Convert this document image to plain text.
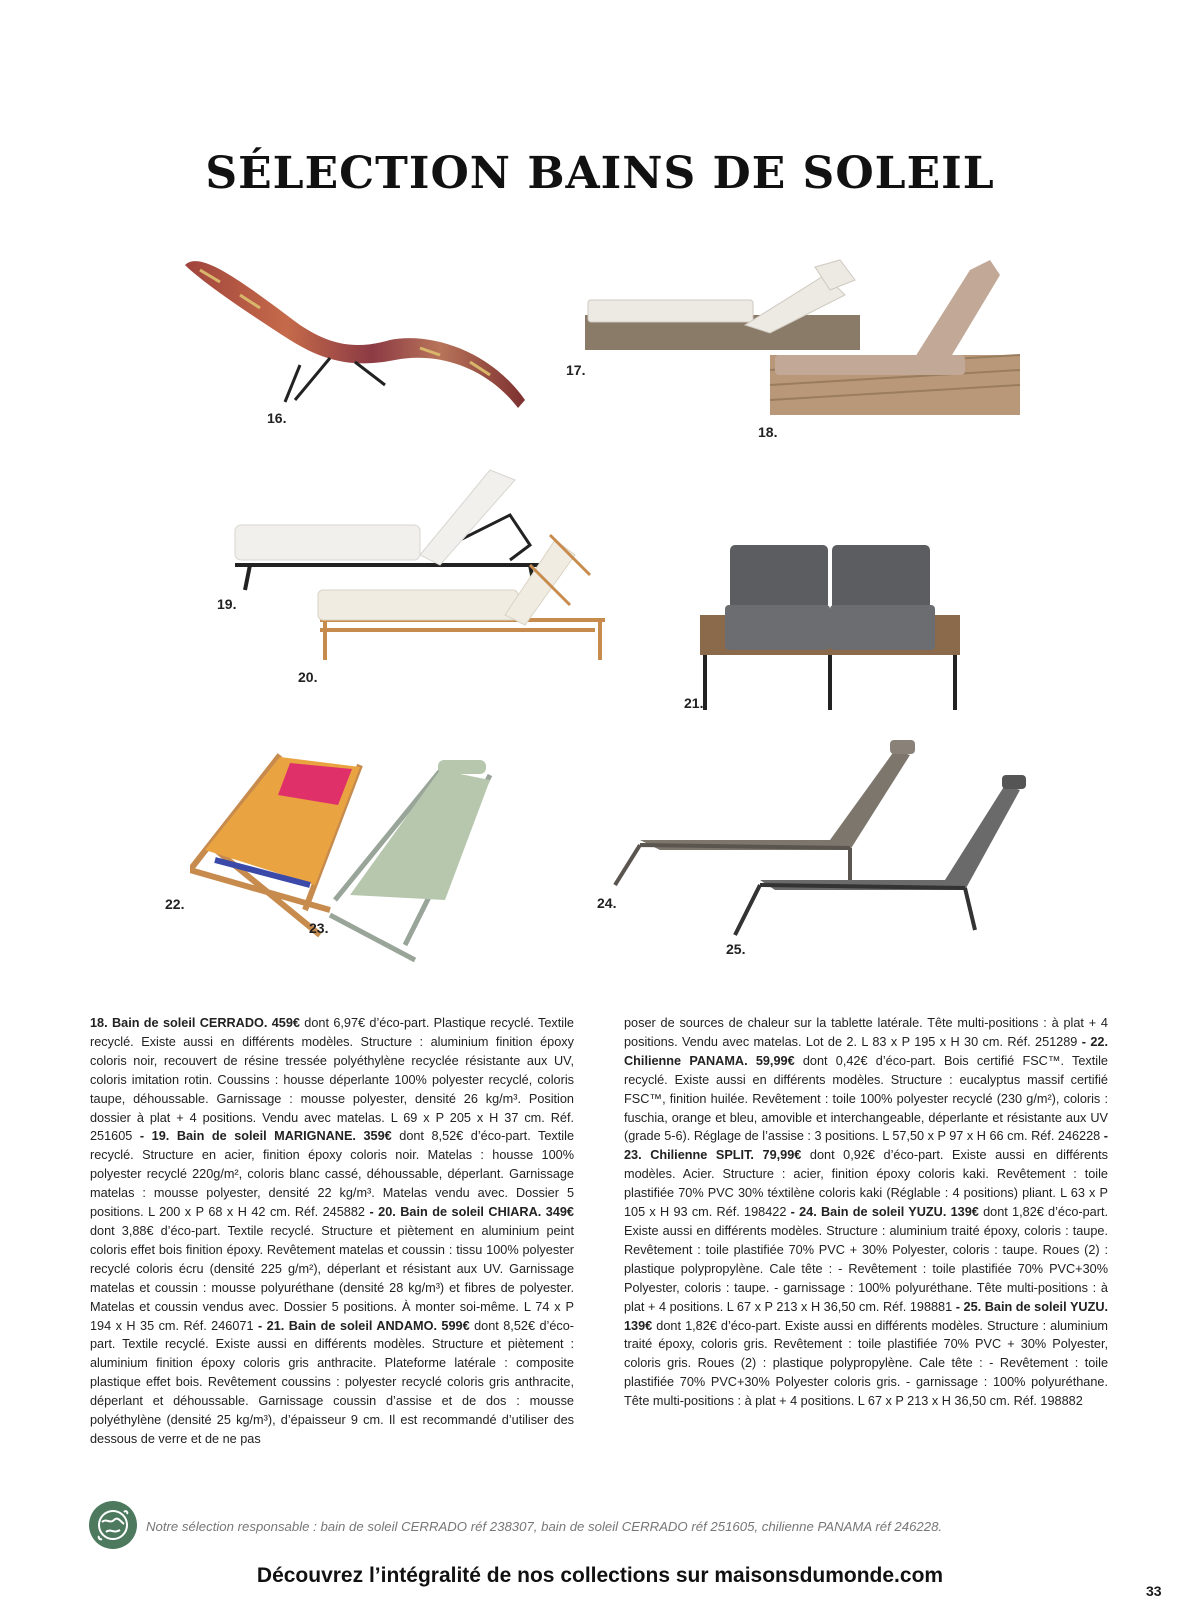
SÉLECTION BAINS DE SOLEIL
16.
17.
18.
19.
20.
21.
22.
23.
24.
25.
18. Bain de soleil CERRADO. 459€ dont 6,97€ d’éco-part. Plastique recyclé. Textile recyclé. Existe aussi en différents modèles. Structure : aluminium finition époxy coloris noir, recouvert de résine tressée polyéthylène recyclée résistante aux UV, coloris imitation rotin. Coussins : housse déperlante 100% polyester recyclé, coloris taupe, déhoussable. Garnissage : mousse polyester, densité 26 kg/m³. Position dossier à plat + 4 positions. Vendu avec matelas. L 69 x P 205 x H 37 cm. Réf. 251605 - 19. Bain de soleil MARIGNANE. 359€ dont 8,52€ d’éco-part. Textile recyclé. Structure en acier, finition époxy coloris noir. Matelas : housse 100% polyester recyclé 220g/m², coloris blanc cassé, déhoussable, déperlant. Garnissage matelas : mousse polyester, densité 22 kg/m³. Matelas vendu avec. Dossier 5 positions. L 200 x P 68 x H 42 cm. Réf. 245882 - 20. Bain de soleil CHIARA. 349€ dont 3,88€ d’éco-part. Textile recyclé. Structure et piètement en aluminium peint coloris effet bois finition époxy. Revêtement matelas et coussin : tissu 100% polyester recyclé coloris écru (densité 225 g/m²), déperlant et résistant aux UV. Garnissage matelas et coussin : mousse polyuréthane (densité 28 kg/m³) et fibres de polyester. Matelas et coussin vendus avec. Dossier 5 positions. À monter soi-même. L 74 x P 194 x H 35 cm. Réf. 246071 - 21. Bain de soleil ANDAMO. 599€ dont 8,52€ d’éco-part. Textile recyclé. Existe aussi en différents modèles. Structure et piètement : aluminium finition époxy coloris gris anthracite. Plateforme latérale : composite plastique effet bois. Revêtement coussins : polyester recyclé coloris gris anthracite, déperlant et déhoussable. Garnissage coussin d’assise et de dos : mousse polyéthylène (densité 25 kg/m³), d’épaisseur 9 cm. Il est recommandé d’utiliser des dessous de verre et de ne pas
poser de sources de chaleur sur la tablette latérale. Tête multi-positions : à plat + 4 positions. Vendu avec matelas. Lot de 2. L 83 x P 195 x H 30 cm. Réf. 251289 - 22. Chilienne PANAMA. 59,99€ dont 0,42€ d’éco-part. Bois certifié FSC™. Textile recyclé. Existe aussi en différents modèles. Structure : eucalyptus massif certifié FSC™, finition huilée. Revêtement : toile 100% polyester recyclé (230 g/m²), coloris : fuschia, orange et bleu, amovible et interchangeable, déperlante et résistante aux UV (grade 5-6). Réglage de l’assise : 3 positions. L 57,50 x P 97 x H 66 cm. Réf. 246228 - 23. Chilienne SPLIT. 79,99€ dont 0,92€ d’éco-part. Existe aussi en différents modèles. Acier. Structure : acier, finition époxy coloris kaki. Revêtement : toile plastifiée 70% PVC 30% téxtilène coloris kaki (Réglable : 4 positions) pliant. L 63 x P 105 x H 93 cm. Réf. 198422 - 24. Bain de soleil YUZU. 139€ dont 1,82€ d’éco-part. Existe aussi en différents modèles. Structure : aluminium traité époxy, coloris : taupe. Revêtement : toile plastifiée 70% PVC + 30% Polyester, coloris : taupe. Roues (2) : plastique polypropylène. Cale tête : - Revêtement : toile plastifiée 70% PVC+30% Polyester, coloris : taupe. - garnissage : 100% polyuréthane. Tête multi-positions : à plat + 4 positions. L 67 x P 213 x H 36,50 cm. Réf. 198881 - 25. Bain de soleil YUZU. 139€ dont 1,82€ d’éco-part. Existe aussi en différents modèles. Structure : aluminium traité époxy, coloris gris. Revêtement : toile plastifiée 70% PVC + 30% Polyester, coloris gris. Roues (2) : plastique polypropylène. Cale tête : - Revêtement : toile plastifiée 70% PVC+30% Polyester coloris gris. - garnissage : 100% polyuréthane. Tête multi-positions : à plat + 4 positions. L 67 x P 213 x H 36,50 cm. Réf. 198882
Notre sélection responsable : bain de soleil CERRADO réf 238307, bain de soleil CERRADO réf 251605, chilienne PANAMA réf 246228.
Découvrez l’intégralité de nos collections sur maisonsdumonde.com
33
